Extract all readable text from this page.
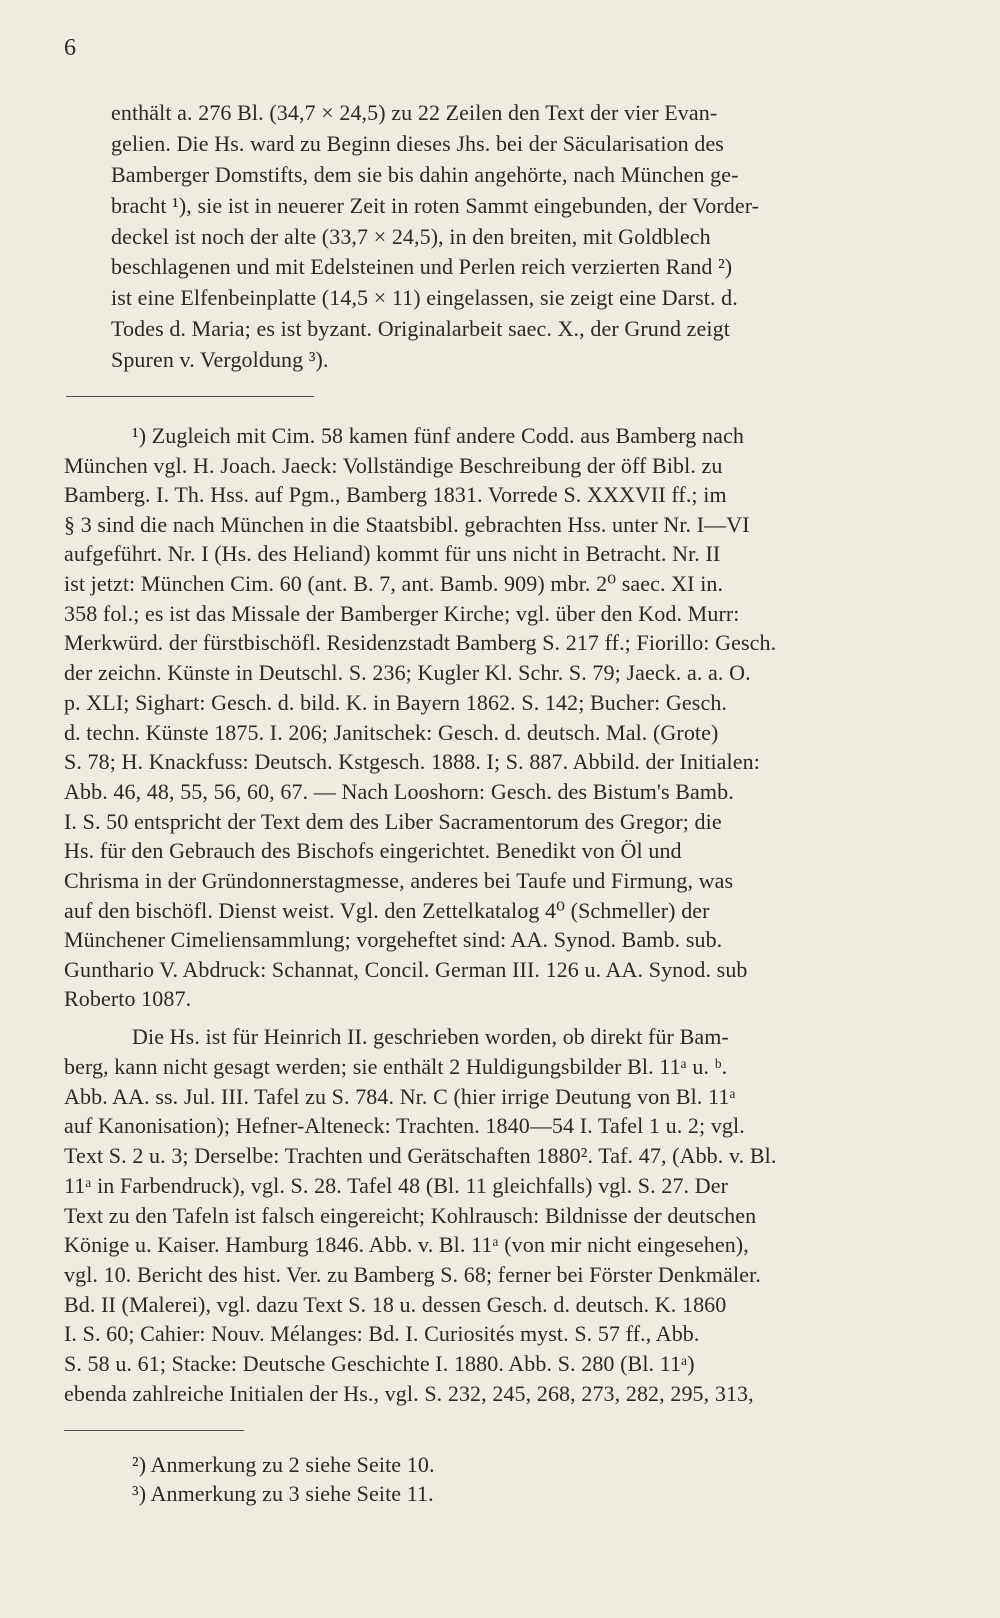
6
enthält a. 276 Bl. (34,7 × 24,5) zu 22 Zeilen den Text der vier Evan-
gelien. Die Hs. ward zu Beginn dieses Jhs. bei der Säcularisation des
Bamberger Domstifts, dem sie bis dahin angehörte, nach München ge-
bracht ¹), sie ist in neuerer Zeit in roten Sammt eingebunden, der Vorder-
deckel ist noch der alte (33,7 × 24,5), in den breiten, mit Goldblech
beschlagenen und mit Edelsteinen und Perlen reich verzierten Rand ²)
ist eine Elfenbeinplatte (14,5 × 11) eingelassen, sie zeigt eine Darst. d.
Todes d. Maria; es ist byzant. Originalarbeit saec. X., der Grund zeigt
Spuren v. Vergoldung ³).
¹) Zugleich mit Cim. 58 kamen fünf andere Codd. aus Bamberg nach
München vgl. H. Joach. Jaeck: Vollständige Beschreibung der öff Bibl. zu
Bamberg. I. Th. Hss. auf Pgm., Bamberg 1831. Vorrede S. XXXVII ff.; im
§ 3 sind die nach München in die Staatsbibl. gebrachten Hss. unter Nr. I—VI
aufgeführt. Nr. I (Hs. des Heliand) kommt für uns nicht in Betracht. Nr. II
ist jetzt: München Cim. 60 (ant. B. 7, ant. Bamb. 909) mbr. 2⁰ saec. XI in.
358 fol.; es ist das Missale der Bamberger Kirche; vgl. über den Kod. Murr:
Merkwürd. der fürstbischöfl. Residenzstadt Bamberg S. 217 ff.; Fiorillo: Gesch.
der zeichn. Künste in Deutschl. S. 236; Kugler Kl. Schr. S. 79; Jaeck. a. a. O.
p. XLI; Sighart: Gesch. d. bild. K. in Bayern 1862. S. 142; Bucher: Gesch.
d. techn. Künste 1875. I. 206; Janitschek: Gesch. d. deutsch. Mal. (Grote)
S. 78; H. Knackfuss: Deutsch. Kstgesch. 1888. I; S. 887. Abbild. der Initialen:
Abb. 46, 48, 55, 56, 60, 67. — Nach Looshorn: Gesch. des Bistum's Bamb.
I. S. 50 entspricht der Text dem des Liber Sacramentorum des Gregor; die
Hs. für den Gebrauch des Bischofs eingerichtet. Benedikt von Öl und
Chrisma in der Gründonnerstagmesse, anderes bei Taufe und Firmung, was
auf den bischöfl. Dienst weist. Vgl. den Zettelkatalog 4⁰ (Schmeller) der
Münchener Cimeliensammlung; vorgeheftet sind: AA. Synod. Bamb. sub.
Gunthario V. Abdruck: Schannat, Concil. German III. 126 u. AA. Synod. sub
Roberto 1087.
Die Hs. ist für Heinrich II. geschrieben worden, ob direkt für Bam-
berg, kann nicht gesagt werden; sie enthält 2 Huldigungsbilder Bl. 11ᵃ u. ᵇ.
Abb. AA. ss. Jul. III. Tafel zu S. 784. Nr. C (hier irrige Deutung von Bl. 11ᵃ
auf Kanonisation); Hefner-Alteneck: Trachten. 1840—54 I. Tafel 1 u. 2; vgl.
Text S. 2 u. 3; Derselbe: Trachten und Gerätschaften 1880². Taf. 47, (Abb. v. Bl.
11ᵃ in Farbendruck), vgl. S. 28. Tafel 48 (Bl. 11 gleichfalls) vgl. S. 27. Der
Text zu den Tafeln ist falsch eingereicht; Kohlrausch: Bildnisse der deutschen
Könige u. Kaiser. Hamburg 1846. Abb. v. Bl. 11ᵃ (von mir nicht eingesehen),
vgl. 10. Bericht des hist. Ver. zu Bamberg S. 68; ferner bei Förster Denkmäler.
Bd. II (Malerei), vgl. dazu Text S. 18 u. dessen Gesch. d. deutsch. K. 1860
I. S. 60; Cahier: Nouv. Mélanges: Bd. I. Curiosités myst. S. 57 ff., Abb.
S. 58 u. 61; Stacke: Deutsche Geschichte I. 1880. Abb. S. 280 (Bl. 11ᵃ)
ebenda zahlreiche Initialen der Hs., vgl. S. 232, 245, 268, 273, 282, 295, 313,
²) Anmerkung zu 2 siehe Seite 10.
³) Anmerkung zu 3 siehe Seite 11.
